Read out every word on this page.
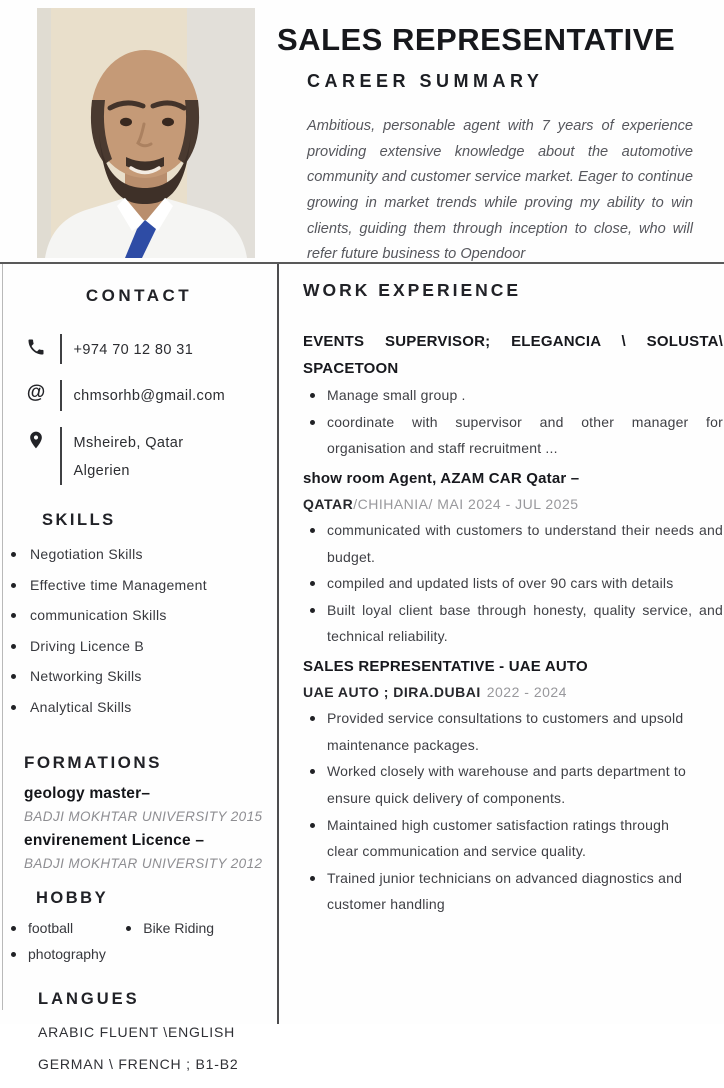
SALES REPRESENTATIVE
CAREER SUMMARY

Ambitious, personable agent with 7 years of experience providing extensive knowledge about the automotive community and customer service market. Eager to continue growing in market trends while proving my ability to win clients, guiding them through inception to close, who will refer future business to Opendoor

CONTACT
+974 70 12 80 31
@ chmsorhb@gmail.com
Msheireb, Qatar
Algerien
SKILLS
Negotiation Skills
Effective time Management
communication Skills
Driving Licence B
Networking Skills
Analytical Skills
FORMATIONS
geology master–
BADJI MOKHTAR UNIVERSITY 2015
envirenement Licence –
BADJI MOKHTAR UNIVERSITY 2012
HOBBY
football	Bike Riding
photography
LANGUES
ARABIC FLUENT \ENGLISH
GERMAN \ FRENCH ; B1-B2
WORK EXPERIENCE
EVENTS SUPERVISOR; ELEGANCIA \ SOLUSTA\
SPACETOON
Manage small group .
coordinate with supervisor and other manager for organisation and staff recruitment ...
show room Agent, AZAM CAR Qatar –
QATAR/CHIHANIA/ MAI 2024 - JUL 2025
communicated with customers to understand their needs and budget.
compiled and updated lists of over 90 cars with details
Built loyal client base through honesty, quality service, and technical reliability.
SALES REPRESENTATIVE - UAE AUTO
UAE AUTO ; DIRA.DUBAI 2022 - 2024
Provided service consultations to customers and upsold maintenance packages.
Worked closely with warehouse and parts department to ensure quick delivery of components.
Maintained high customer satisfaction ratings through clear communication and service quality.
Trained junior technicians on advanced diagnostics and customer handling
